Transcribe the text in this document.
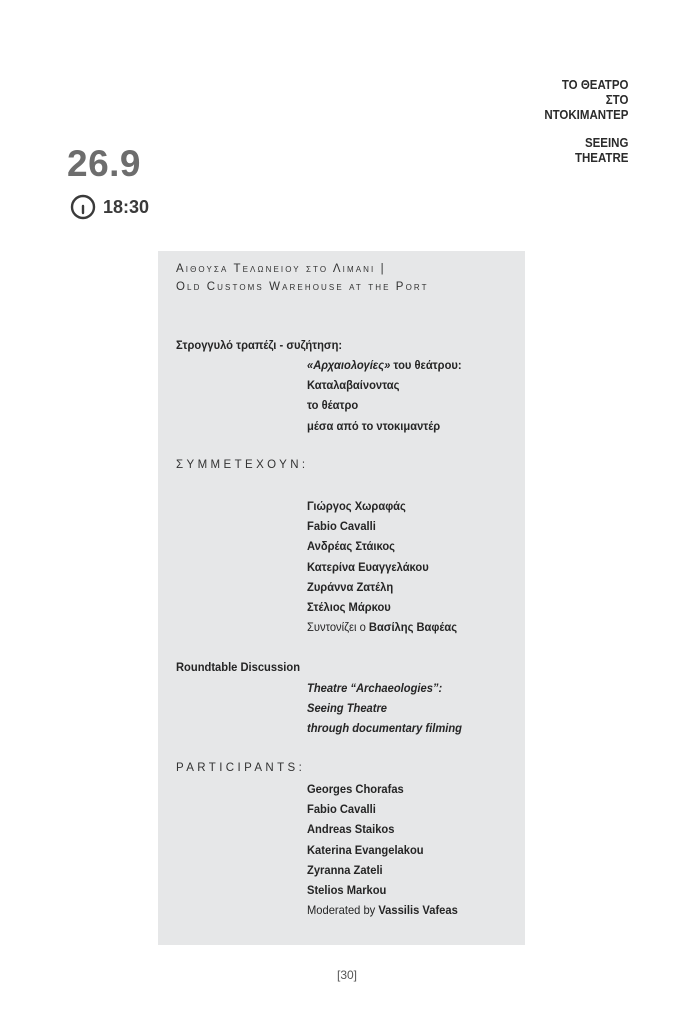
ΤΟ ΘΕΑΤΡΟ
ΣΤΟ
ΝΤΟΚΙΜΑΝΤΕΡ
SEEING
THEATRE
26.9
18:30
Αιθουσα Τελωνειου στο Λιμανι |
Old Customs Warehouse at the Port
Στρογγυλό τραπέζι - συζήτηση:
«Αρχαιολογίες» του θεάτρου:
Καταλαβαίνοντας
το θέατρο
μέσα από το ντοκιμαντέρ
ΣΥΜΜΕΤΕΧΟΥΝ:
Γιώργος Χωραφάς
Fabio Cavalli
Ανδρέας Στάικος
Κατερίνα Ευαγγελάκου
Ζυράννα Ζατέλη
Στέλιος Μάρκου
Συντονίζει ο Βασίλης Βαφέας
Roundtable Discussion
Theatre “Archaeologies”:
Seeing Theatre
through documentary filming
PARTICIPANTS:
Georges Chorafas
Fabio Cavalli
Andreas Staikos
Katerina Evangelakou
Zyranna Zateli
Stelios Markou
Moderated by Vassilis Vafeas
[30]
